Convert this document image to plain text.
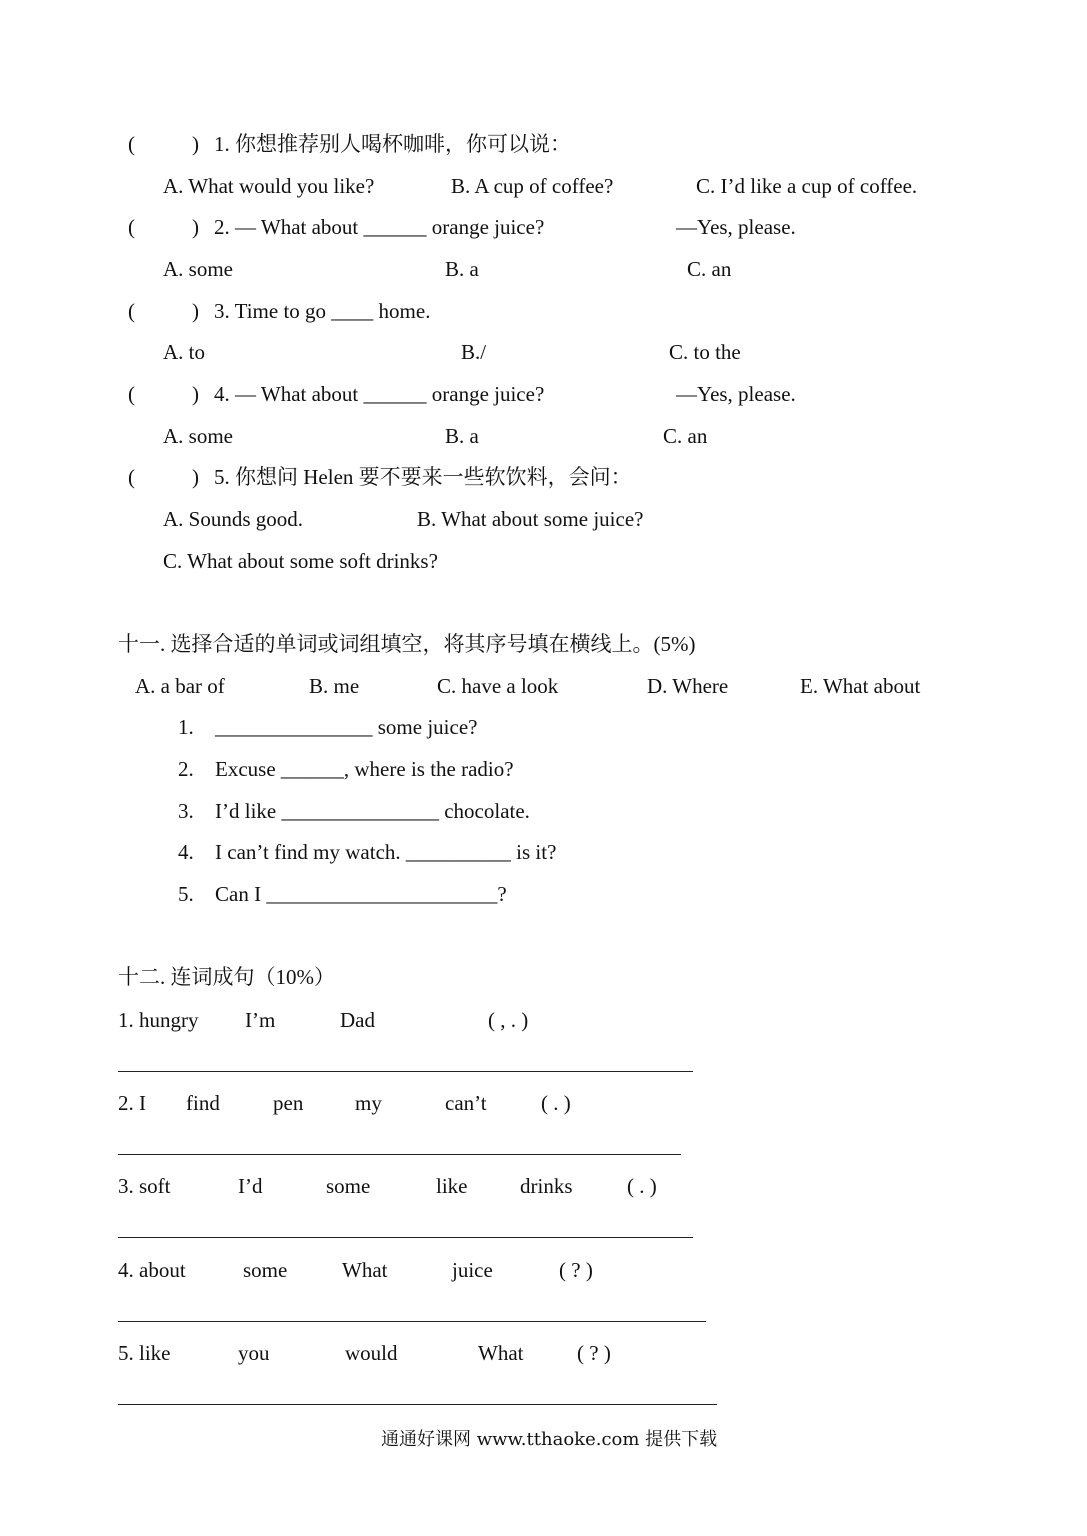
(	) 1. 你想推荐别人喝杯咖啡，你可以说：
A. What would you like?	B. A cup of coffee?	C. I’d like a cup of coffee.
(	) 2. — What about ______ orange juice?	—Yes, please.
A. some	B. a	C. an
(	) 3. Time to go ____ home.
A. to	B./	C. to the
(	) 4. — What about ______ orange juice?	—Yes, please.
A. some	B. a	C. an
(	) 5. 你想问 Helen 要不要来一些软饮料，会问：
A. Sounds good.	B. What about some juice?
C. What about some soft drinks?
十一. 选择合适的单词或词组填空，将其序号填在横线上。(5%)
A. a bar of	B. me	C. have a look	D. Where	E. What about
1. _______________ some juice?
2. Excuse ______, where is the radio?
3. I’d like _______________ chocolate.
4. I can’t find my watch. __________ is it?
5. Can I ______________________?
十二. 连词成句（10%）
1. hungry I’m	Dad	( , . )
2. I find	pen my	can’t	( . )
3. soft	I’d	some	like	drinks	( . )
4. about	some	What	juice	( ? )
5. like	you	would	What	( ? )
通通好课网 www.tthaoke.com 提供下载
